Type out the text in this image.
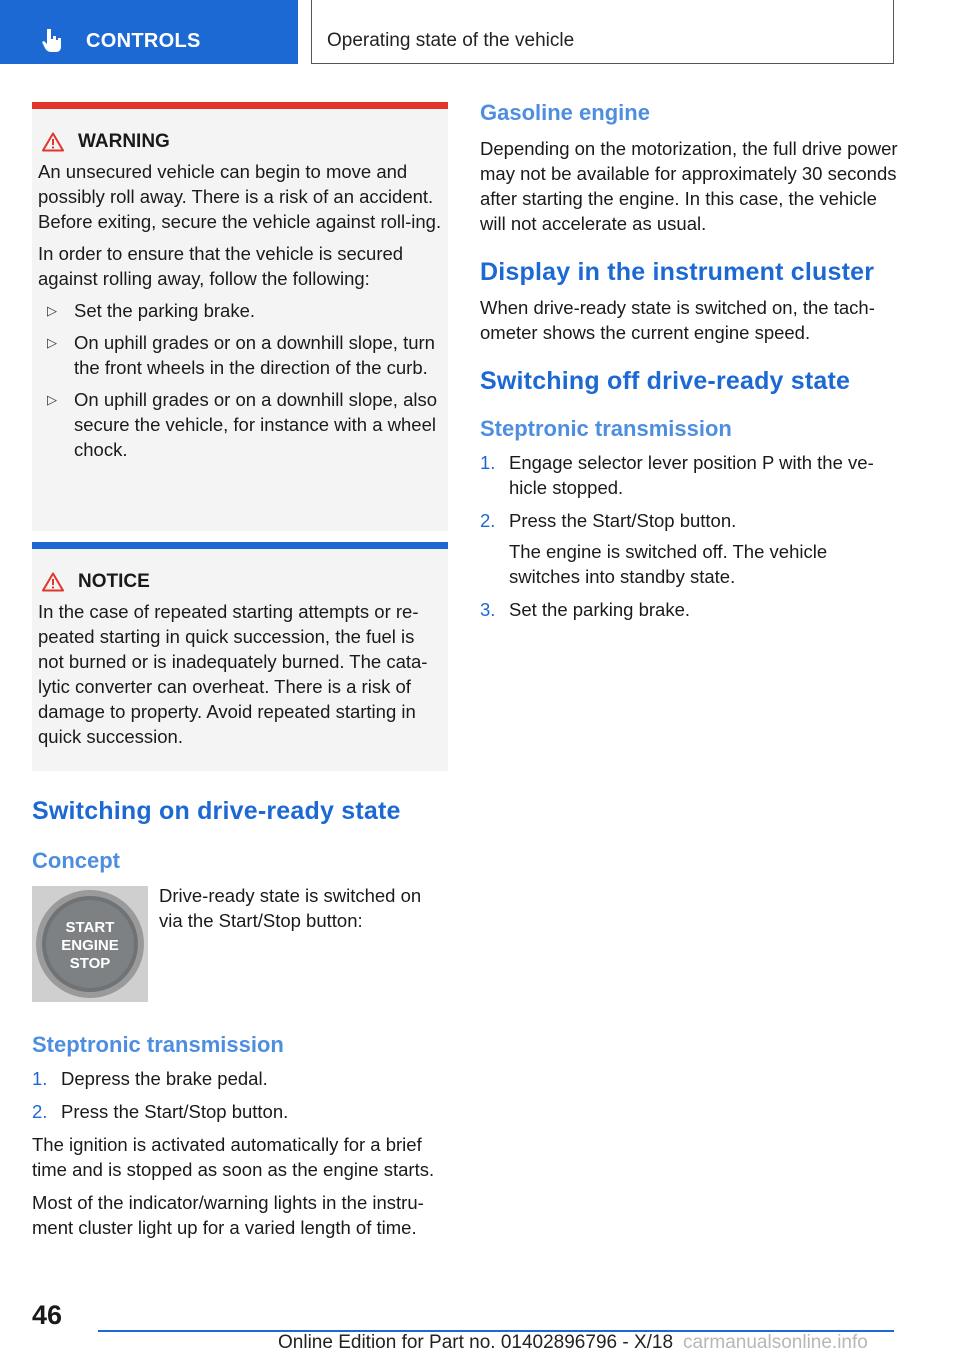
CONTROLS	Operating state of the vehicle
WARNING

An unsecured vehicle can begin to move and possibly roll away. There is a risk of an accident. Before exiting, secure the vehicle against roll-ing.

In order to ensure that the vehicle is secured against rolling away, follow the following:

▷ Set the parking brake.
▷ On uphill grades or on a downhill slope, turn the front wheels in the direction of the curb.
▷ On uphill grades or on a downhill slope, also secure the vehicle, for instance with a wheel chock.
NOTICE

In the case of repeated starting attempts or re-peated starting in quick succession, the fuel is not burned or is inadequately burned. The cata-lytic converter can overheat. There is a risk of damage to property. Avoid repeated starting in quick succession.

Switching on drive-ready state
Concept
START
ENGINE
STOP

Drive-ready state is switched on via the Start/Stop button:

Steptronic transmission
1. Depress the brake pedal.
2. Press the Start/Stop button.

The ignition is activated automatically for a brief time and is stopped as soon as the engine starts.

Most of the indicator/warning lights in the instru-ment cluster light up for a varied length of time.

Gasoline engine

Depending on the motorization, the full drive power may not be available for approximately 30 seconds after starting the engine. In this case, the vehicle will not accelerate as usual.

Display in the instrument cluster

When drive-ready state is switched on, the tach-ometer shows the current engine speed.

Switching off drive-ready state
Steptronic transmission
1. Engage selector lever position P with the ve-hicle stopped.
2. Press the Start/Stop button.
The engine is switched off. The vehicle switches into standby state.
3. Set the parking brake.
46
Online Edition for Part no. 01402896796 - X/18 carmanualsonline.info
